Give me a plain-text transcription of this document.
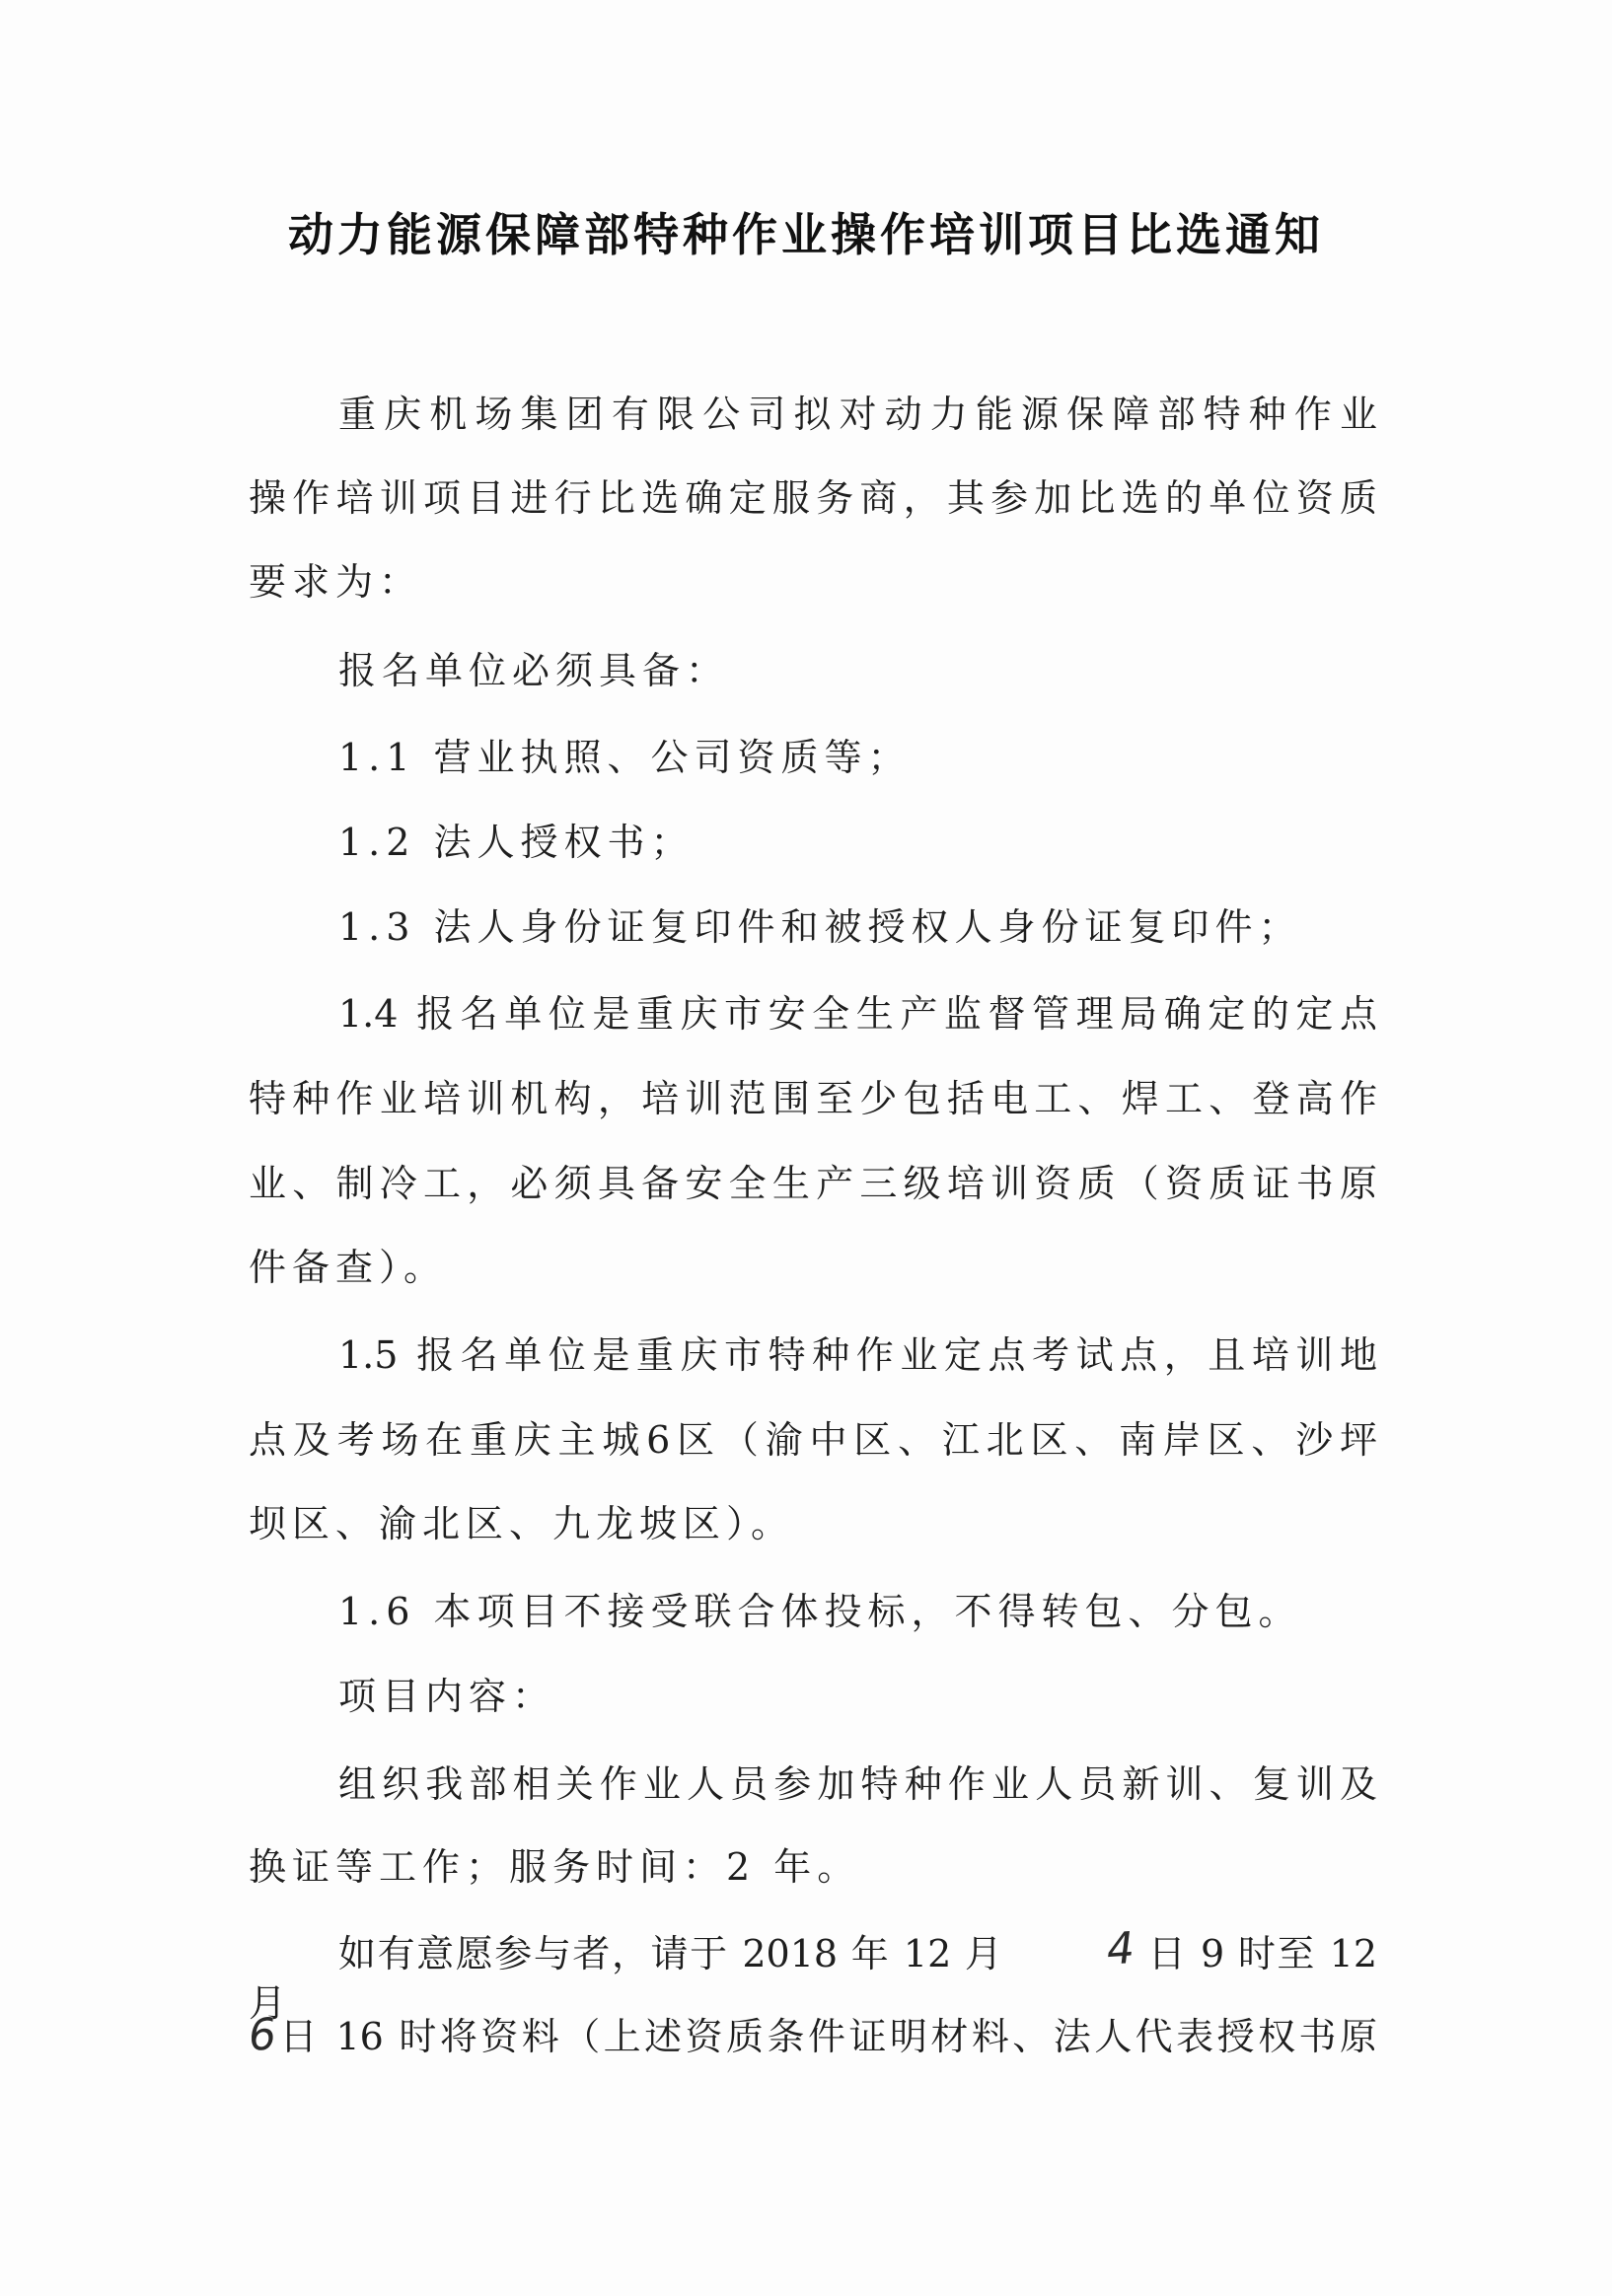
动力能源保障部特种作业操作培训项目比选通知
重庆机场集团有限公司拟对动力能源保障部特种作业
操作培训项目进行比选确定服务商，其参加比选的单位资质
要求为：
报名单位必须具备：
1.1 营业执照、公司资质等；
1.2 法人授权书；
1.3 法人身份证复印件和被授权人身份证复印件；
1.4 报名单位是重庆市安全生产监督管理局确定的定点
特种作业培训机构，培训范围至少包括电工、焊工、登高作
业、制冷工，必须具备安全生产三级培训资质（资质证书原
件备查）。
1.5 报名单位是重庆市特种作业定点考试点，且培训地
点及考场在重庆主城6区（渝中区、江北区、南岸区、沙坪
坝区、渝北区、九龙坡区）。
1.6 本项目不接受联合体投标，不得转包、分包。
项目内容：
组织我部相关作业人员参加特种作业人员新训、复训及
换证等工作；服务时间：2 年。
如有意愿参与者，请于 2018 年 12 月 4 日 9 时至 12 月
6日 16 时将资料（上述资质条件证明材料、法人代表授权书原
